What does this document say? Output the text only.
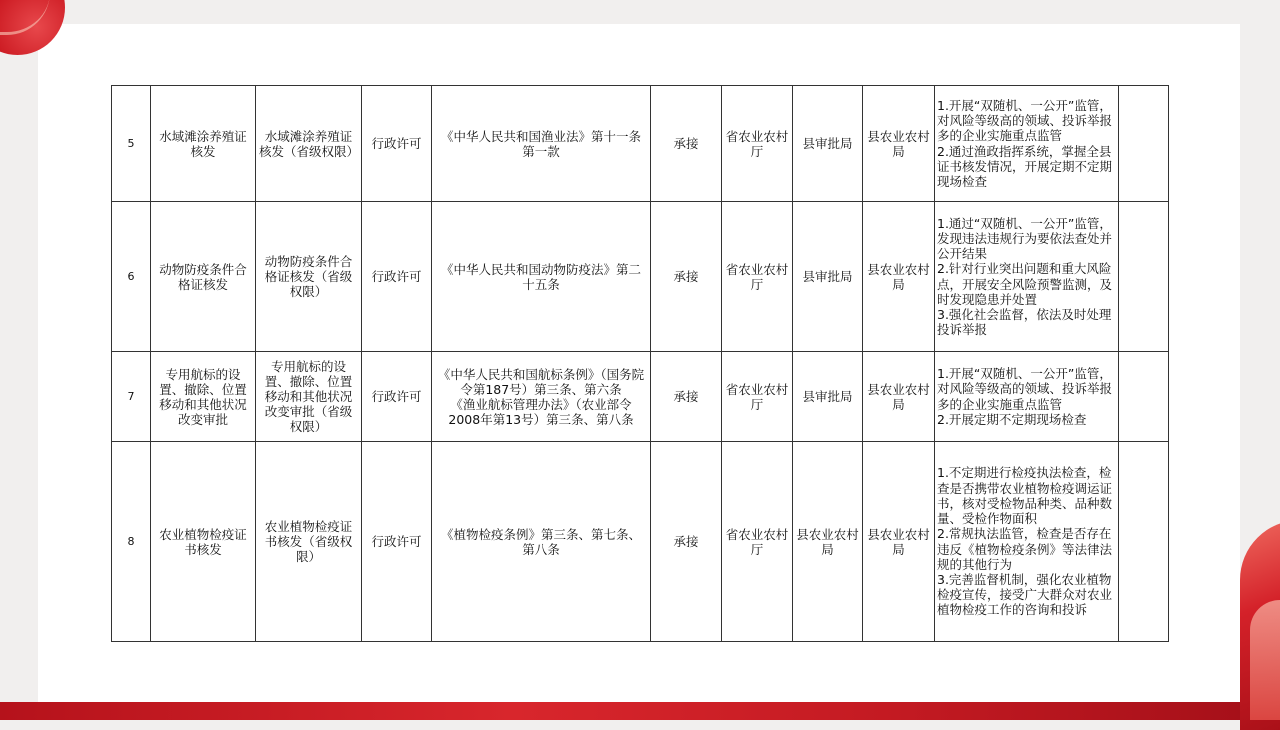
5	水域滩涂养殖证核发	水域滩涂养殖证核发（省级权限）	行政许可	《中华人民共和国渔业法》第十一条第一款	承接	省农业农村厅	县审批局	县农业农村局	1.开展“双随机、一公开”监管，对风险等级高的领域、投诉举报多的企业实施重点监管
2.通过渔政指挥系统，掌握全县证书核发情况，开展定期不定期现场检查	
6	动物防疫条件合格证核发	动物防疫条件合格证核发（省级权限）	行政许可	《中华人民共和国动物防疫法》第二十五条	承接	省农业农村厅	县审批局	县农业农村局	1.通过“双随机、一公开”监管，发现违法违规行为要依法查处并公开结果
2.针对行业突出问题和重大风险点，开展安全风险预警监测，及时发现隐患并处置
3.强化社会监督，依法及时处理投诉举报	
7	专用航标的设置、撤除、位置移动和其他状况改变审批	专用航标的设置、撤除、位置移动和其他状况改变审批（省级权限）	行政许可	《中华人民共和国航标条例》（国务院令第187号）第三条、第六条
《渔业航标管理办法》（农业部令2008年第13号）第三条、第八条	承接	省农业农村厅	县审批局	县农业农村局	1.开展“双随机、一公开”监管，对风险等级高的领域、投诉举报多的企业实施重点监管
2.开展定期不定期现场检查	
8	农业植物检疫证书核发	农业植物检疫证书核发（省级权限）	行政许可	《植物检疫条例》第三条、第七条、第八条	承接	省农业农村厅	县农业农村局	县农业农村局	1.不定期进行检疫执法检查，检查是否携带农业植物检疫调运证书，核对受检物品种类、品种数量、受检作物面积
2.常规执法监管，检查是否存在违反《植物检疫条例》等法律法规的其他行为
3.完善监督机制，强化农业植物检疫宣传，接受广大群众对农业植物检疫工作的咨询和投诉	
